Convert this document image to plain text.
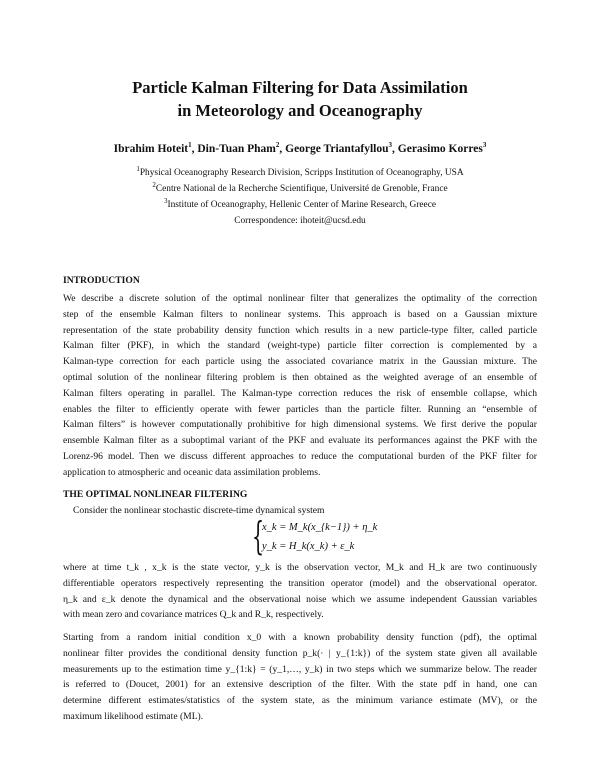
Particle Kalman Filtering for Data Assimilation
in Meteorology and Oceanography
Ibrahim Hoteit$^1$, Din-Tuan Pham$^2$, George Triantafyllou$^3$, Gerasimo Korres$^3$
$^1$Physical Oceanography Research Division, Scripps Institution of Oceanography, USA
$^2$Centre National de la Recherche Scientifique, Université de Grenoble, France
$^3$Institute of Oceanography, Hellenic Center of Marine Research, Greece
Correspondence: ihoteit@ucsd.edu
INTRODUCTION
We describe a discrete solution of the optimal nonlinear filter that generalizes the optimality of the correction
step of the ensemble Kalman filters to nonlinear systems. This approach is based on a Gaussian mixture
representation of the state probability density function which results in a new particle-type filter, called particle
Kalman filter (PKF), in which the standard (weight-type) particle filter correction is complemented by a
Kalman-type correction for each particle using the associated covariance matrix in the Gaussian mixture. The
optimal solution of the nonlinear filtering problem is then obtained as the weighted average of an ensemble of
Kalman filters operating in parallel. The Kalman-type correction reduces the risk of ensemble collapse, which
enables the filter to efficiently operate with fewer particles than the particle filter. Running an “ensemble of
Kalman filters” is however computationally prohibitive for high dimensional systems. We first derive the popular
ensemble Kalman filter as a suboptimal variant of the PKF and evaluate its performances against the PKF with the
Lorenz-96 model. Then we discuss different approaches to reduce the computational burden of the PKF filter for
application to atmospheric and oceanic data assimilation problems.
THE OPTIMAL NONLINEAR FILTERING
Consider the nonlinear stochastic discrete-time dynamical system
{
x_k = M_k(x_{k−1}) + η_k
y_k = H_k(x_k) + ε_k
where at time t_k , x_k is the state vector, y_k is the observation vector, M_k and H_k are two continuously
differentiable operators respectively representing the transition operator (model) and the observational operator.
η_k and ε_k denote the dynamical and the observational noise which we assume independent Gaussian variables
with mean zero and covariance matrices Q_k and R_k, respectively.
Starting from a random initial condition x_0 with a known probability density function (pdf), the optimal
nonlinear filter provides the conditional density function p_k(· | y_{1:k}) of the system state given all available
measurements up to the estimation time y_{1:k} = (y_1,…, y_k) in two steps which we summarize below. The reader
is referred to (Doucet, 2001) for an extensive description of the filter. With the state pdf in hand, one can
determine different estimates/statistics of the system state, as the minimum variance estimate (MV), or the
maximum likelihood estimate (ML).
